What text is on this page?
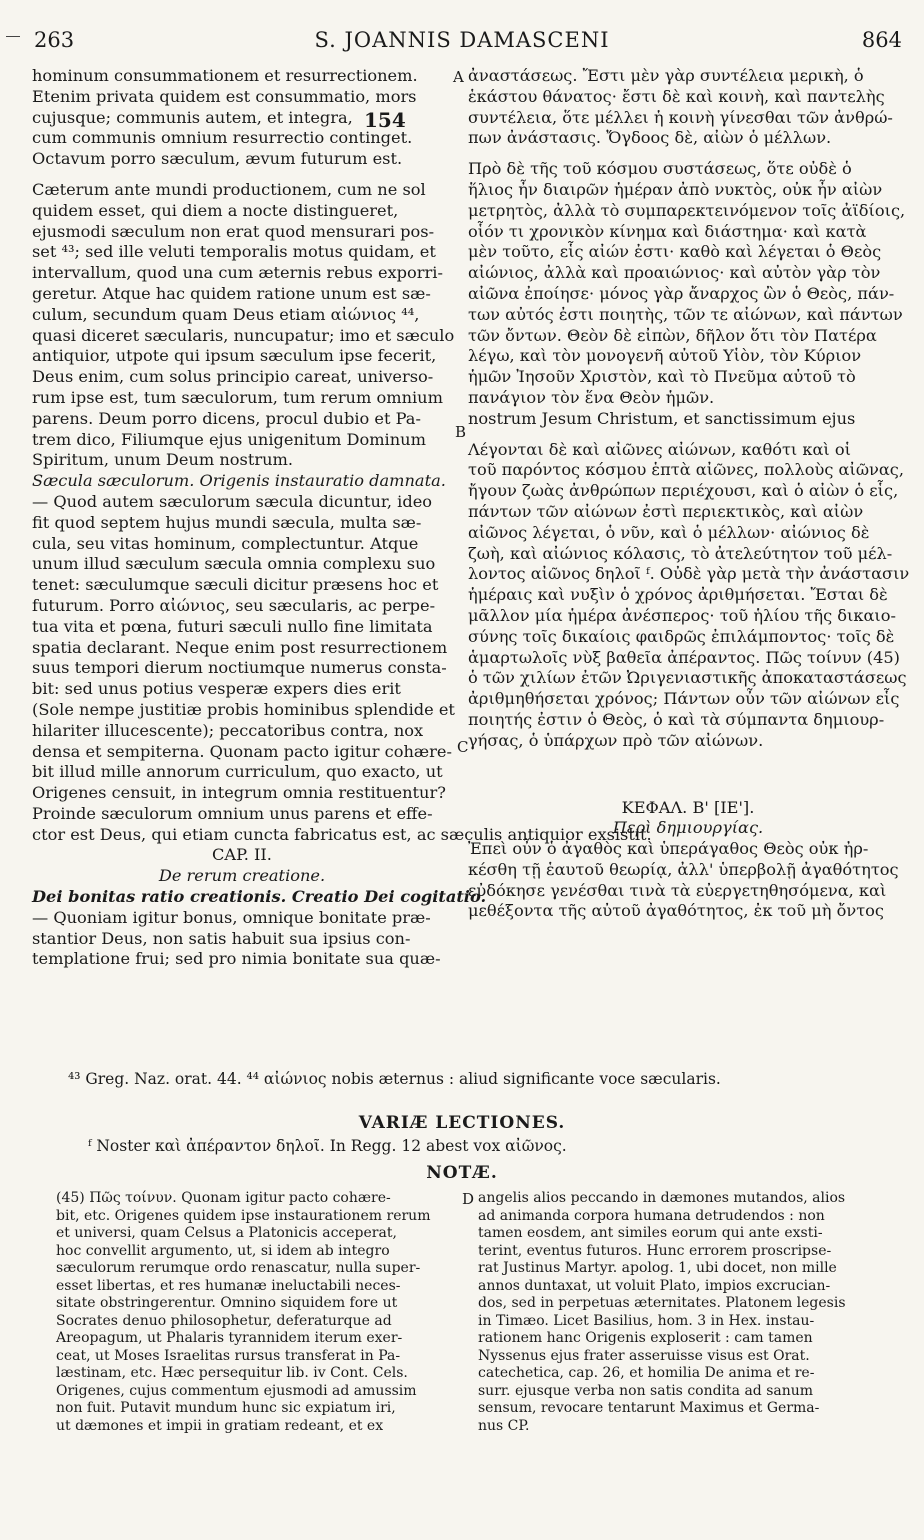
263	S. JOANNIS DAMASCENI	864
hominum consummationem et resurrectionem.
Etenim privata quidem est consummatio, mors
cujusque; communis autem, et integra,
cum communis omnium resurrectio continget.
Octavum porro sæculum, ævum futurum est.
Cæterum ante mundi productionem, cum ne sol
quidem esset, qui diem a nocte distingueret,
ejusmodi sæculum non erat quod mensurari pos-
set ⁴³; sed ille veluti temporalis motus quidam, et
intervallum, quod una cum æternis rebus exporri-
geretur. Atque hac quidem ratione unum est sæ-
culum, secundum quam Deus etiam αἰώνιος ⁴⁴,
quasi diceret sæcularis, nuncupatur; imo et sæculo
antiquior, utpote qui ipsum sæculum ipse fecerit,
Deus enim, cum solus principio careat, universo-
rum ipse est, tum sæculorum, tum rerum omnium
parens. Deum porro dicens, procul dubio et Pa-
trem dico, Filiumque ejus unigenitum Dominum
Spiritum, unum Deum nostrum.
Sæcula sæculorum. Origenis instauratio damnata.
— Quod autem sæculorum sæcula dicuntur, ideo
fit quod septem hujus mundi sæcula, multa sæ-
cula, seu vitas hominum, complectuntur. Atque
unum illud sæculum sæcula omnia complexu suo
tenet: sæculumque sæculi dicitur præsens hoc et
futurum. Porro αἰώνιος, seu sæcularis, ac perpe-
tua vita et pœna, futuri sæculi nullo fine limitata
spatia declarant. Neque enim post resurrectionem
suus tempori dierum noctiumque numerus consta-
bit: sed unus potius vesperæ expers dies erit
(Sole nempe justitiæ probis hominibus splendide et
hilariter illucescente); peccatoribus contra, nox
densa et sempiterna. Quonam pacto igitur cohære-
bit illud mille annorum curriculum, quo exacto, ut
Origenes censuit, in integrum omnia restituentur?
Proinde sæculorum omnium unus parens et effe-
ctor est Deus, qui etiam cuncta fabricatus est, ac sæculis antiquior exsistit.
CAP. II.
De rerum creatione.
Dei bonitas ratio creationis. Creatio Dei cogitatio.
— Quoniam igitur bonus, omnique bonitate præ-
stantior Deus, non satis habuit sua ipsius con-
templatione frui; sed pro nimia bonitate sua quæ-
ἀναστάσεως. Ἔστι μὲν γὰρ συντέλεια μερικὴ, ὁ
ἑκάστου θάνατος· ἔστι δὲ καὶ κοινὴ, καὶ παντελὴς
συντέλεια, ὅτε μέλλει ἡ κοινὴ γίνεσθαι τῶν ἀνθρώ-
πων ἀνάστασις. Ὄγδοος δὲ, αἰὼν ὁ μέλλων.
Πρὸ δὲ τῆς τοῦ κόσμου συστάσεως, ὅτε οὐδὲ ὁ
ἥλιος ἦν διαιρῶν ἡμέραν ἀπὸ νυκτὸς, οὐκ ἦν αἰὼν
μετρητὸς, ἀλλὰ τὸ συμπαρεκτεινόμενον τοῖς ἀϊδίοις,
οἷόν τι χρονικὸν κίνημα καὶ διάστημα· καὶ κατὰ
μὲν τοῦτο, εἷς αἰών ἐστι· καθὸ καὶ λέγεται ὁ Θεὸς
αἰώνιος, ἀλλὰ καὶ προαιώνιος· καὶ αὐτὸν γὰρ τὸν
αἰῶνα ἐποίησε· μόνος γὰρ ἄναρχος ὢν ὁ Θεὸς, πάν-
των αὐτός ἐστι ποιητὴς, τῶν τε αἰώνων, καὶ πάντων
τῶν ὄντων. Θεὸν δὲ εἰπὼν, δῆλον ὅτι τὸν Πατέρα
λέγω, καὶ τὸν μονογενῆ αὐτοῦ Υἱὸν, τὸν Κύριον
ἡμῶν Ἰησοῦν Χριστὸν, καὶ τὸ Πνεῦμα αὐτοῦ τὸ
πανάγιον τὸν ἕνα Θεὸν ἡμῶν.
nostrum Jesum Christum, et sanctissimum ejus
Λέγονται δὲ καὶ αἰῶνες αἰώνων, καθότι καὶ οἱ
τοῦ παρόντος κόσμου ἑπτὰ αἰῶνες, πολλοὺς αἰῶνας,
ἤγουν ζωὰς ἀνθρώπων περιέχουσι, καὶ ὁ αἰὼν ὁ εἷς,
πάντων τῶν αἰώνων ἐστὶ περιεκτικὸς, καὶ αἰὼν
αἰῶνος λέγεται, ὁ νῦν, καὶ ὁ μέλλων· αἰώνιος δὲ
ζωὴ, καὶ αἰώνιος κόλασις, τὸ ἀτελεύτητον τοῦ μέλ-
λοντος αἰῶνος δηλοῖ ᶠ. Οὐδὲ γὰρ μετὰ τὴν ἀνάστασιν
ἡμέραις καὶ νυξὶν ὁ χρόνος ἀριθμήσεται. Ἔσται δὲ
μᾶλλον μία ἡμέρα ἀνέσπερος· τοῦ ἡλίου τῆς δικαιο-
σύνης τοῖς δικαίοις φαιδρῶς ἐπιλάμποντος· τοῖς δὲ
ἁμαρτωλοῖς νὺξ βαθεῖα ἀπέραντος. Πῶς τοίνυν (45)
ὁ τῶν χιλίων ἐτῶν Ὠριγενιαστικῆς ἀποκαταστάσεως
ἀριθμηθήσεται χρόνος; Πάντων οὖν τῶν αἰώνων εἷς
ποιητής ἐστιν ὁ Θεὸς, ὁ καὶ τὰ σύμπαντα δημιουρ-
γήσας, ὁ ὑπάρχων πρὸ τῶν αἰώνων.
ΚΕΦΑΛ. Β' [ΙΕ'].
Περὶ δημιουργίας.
Ἐπεὶ οὖν ὁ ἀγαθὸς καὶ ὑπεράγαθος Θεὸς οὐκ ἠρ-
κέσθη τῇ ἑαυτοῦ θεωρίᾳ, ἀλλ' ὑπερβολῇ ἀγαθότητος
εὐδόκησε γενέσθαι τινὰ τὰ εὐεργετηθησόμενα, καὶ
μεθέξοντα τῆς αὐτοῦ ἀγαθότητος, ἐκ τοῦ μὴ ὄντος
A
154
B
C
D
⁴³ Greg. Naz. orat. 44. ⁴⁴ αἰώνιος nobis æternus : aliud significante voce sæcularis.
VARIÆ LECTIONES.
ᶠ Noster καὶ ἀπέραντον δηλοῖ. In Regg. 12 abest vox αἰῶνος.
NOTÆ.
(45) Πῶς τοίνυν. Quonam igitur pacto cohære-
bit, etc. Origenes quidem ipse instaurationem rerum
et universi, quam Celsus a Platonicis acceperat,
hoc convellit argumento, ut, si idem ab integro
sæculorum rerumque ordo renascatur, nulla super-
esset libertas, et res humanæ ineluctabili neces-
sitate obstringerentur. Omnino siquidem fore ut
Socrates denuo philosophetur, deferaturque ad
Areopagum, ut Phalaris tyrannidem iterum exer-
ceat, ut Moses Israelitas rursus transferat in Pa-
læstinam, etc. Hæc persequitur lib. iv Cont. Cels.
Origenes, cujus commentum ejusmodi ad amussim
non fuit. Putavit mundum hunc sic expiatum iri,
ut dæmones et impii in gratiam redeant, et ex
angelis alios peccando in dæmones mutandos, alios
ad animanda corpora humana detrudendos : non
tamen eosdem, ant similes eorum qui ante exsti-
terint, eventus futuros. Hunc errorem proscripse-
rat Justinus Martyr. apolog. 1, ubi docet, non mille
annos duntaxat, ut voluit Plato, impios excrucian-
dos, sed in perpetuas æternitates. Platonem legesis
in Timæo. Licet Basilius, hom. 3 in Hex. instau-
rationem hanc Origenis exploserit : cam tamen
Nyssenus ejus frater asseruisse visus est Orat.
catechetica, cap. 26, et homilia De anima et re-
surr. ejusque verba non satis condita ad sanum
sensum, revocare tentarunt Maximus et Germa-
nus CP.
